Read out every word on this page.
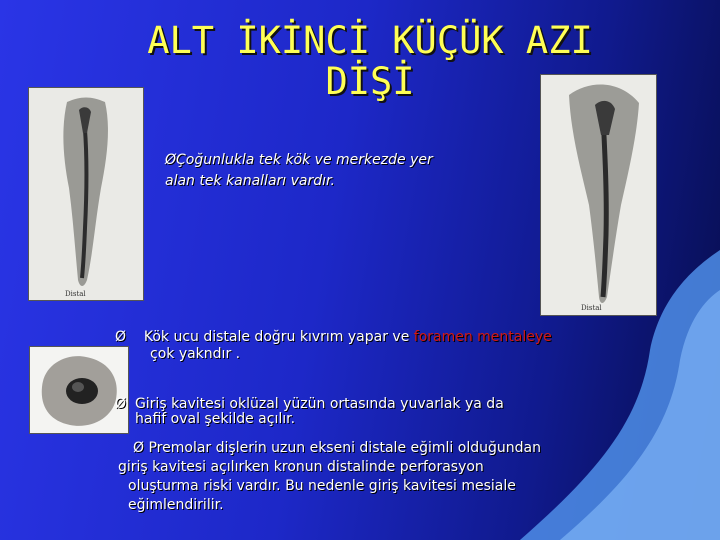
ALT İKİNCİ KÜÇÜK AZI
DİŞİ
Distal
Distal
ØÇoğunlukla tek kök ve merkezde yer
alan tek kanalları vardır.
Ø Kök ucu distale doğru kıvrım yapar ve foramen mentaleye
çok yakndır .
Ø Giriş kavitesi oklüzal yüzün ortasında yuvarlak ya da
hafif oval şekilde açılır.
Ø Premolar dişlerin uzun ekseni distale eğimli olduğundan
giriş kavitesi açılırken kronun distalinde perforasyon
oluşturma riski vardır. Bu nedenle giriş kavitesi mesiale
eğimlendirilir.
